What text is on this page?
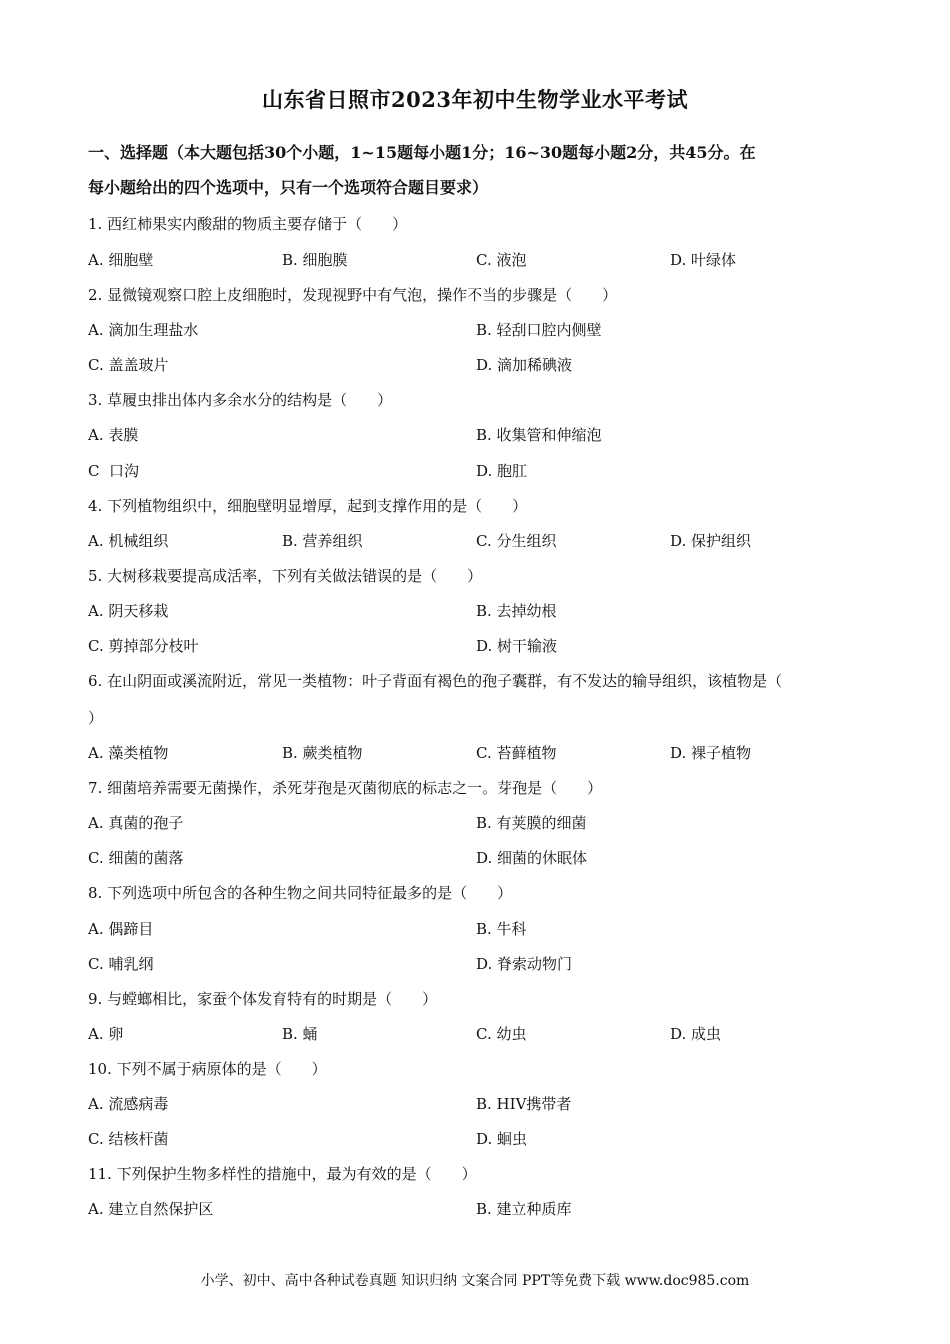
山东省日照市2023年初中生物学业水平考试
一、选择题（本大题包括30个小题，1~15题每小题1分；16~30题每小题2分，共45分。在
每小题给出的四个选项中，只有一个选项符合题目要求）
1. 西红柿果实内酸甜的物质主要存储于（　　）
A. 细胞壁	B. 细胞膜	C. 液泡	D. 叶绿体
2. 显微镜观察口腔上皮细胞时，发现视野中有气泡，操作不当的步骤是（　　）
A. 滴加生理盐水	B. 轻刮口腔内侧壁
C. 盖盖玻片	D. 滴加稀碘液
3. 草履虫排出体内多余水分的结构是（　　）
A. 表膜	B. 收集管和伸缩泡
C  口沟	D. 胞肛
4. 下列植物组织中，细胞壁明显增厚，起到支撑作用的是（　　）
A. 机械组织	B. 营养组织	C. 分生组织	D. 保护组织
5. 大树移栽要提高成活率，下列有关做法错误的是（　　）
A. 阴天移栽	B. 去掉幼根
C. 剪掉部分枝叶	D. 树干输液
6. 在山阴面或溪流附近，常见一类植物：叶子背面有褐色的孢子囊群，有不发达的输导组织，该植物是（
）
A. 藻类植物	B. 蕨类植物	C. 苔藓植物	D. 裸子植物
7. 细菌培养需要无菌操作，杀死芽孢是灭菌彻底的标志之一。芽孢是（　　）
A. 真菌的孢子	B. 有荚膜的细菌
C. 细菌的菌落	D. 细菌的休眠体
8. 下列选项中所包含的各种生物之间共同特征最多的是（　　）
A. 偶蹄目	B. 牛科
C. 哺乳纲	D. 脊索动物门
9. 与螳螂相比，家蚕个体发育特有的时期是（　　）
A. 卵	B. 蛹	C. 幼虫	D. 成虫
10. 下列不属于病原体的是（　　）
A. 流感病毒	B. HIV携带者
C. 结核杆菌	D. 蛔虫
11. 下列保护生物多样性的措施中，最为有效的是（　　）
A. 建立自然保护区	B. 建立种质库
小学、初中、高中各种试卷真题 知识归纳 文案合同 PPT等免费下载 www.doc985.com
